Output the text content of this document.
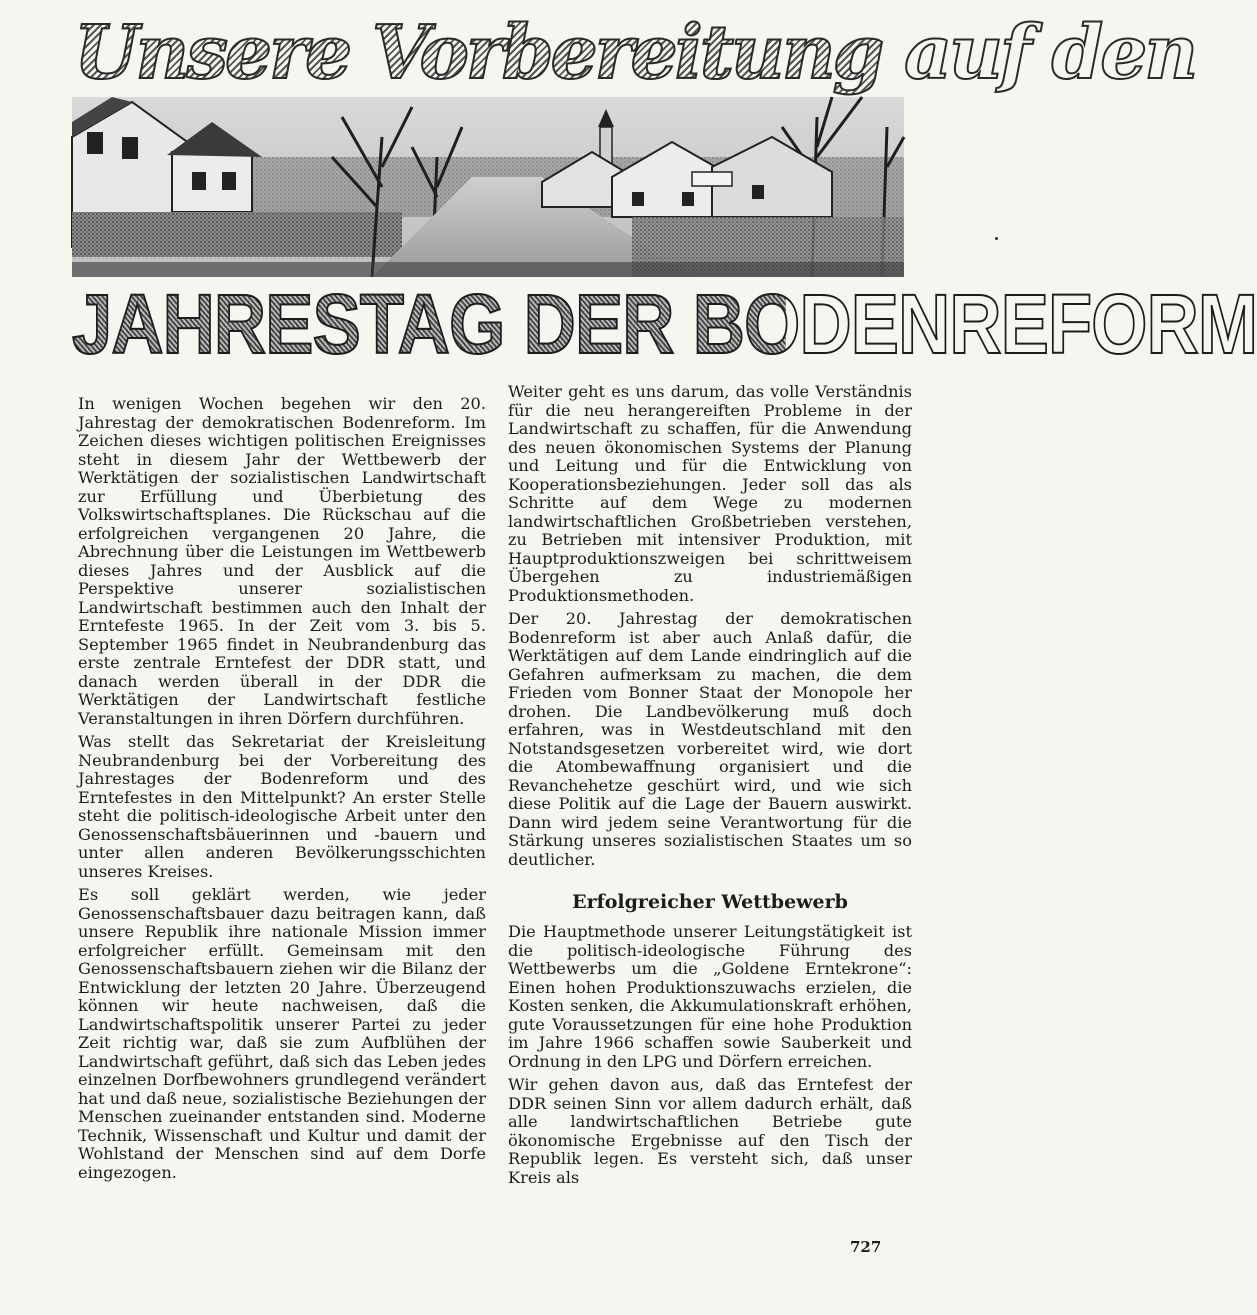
Unsere Vorbereitung auf den
JAHRESTAG DER BODENREFORM

In wenigen Wochen begehen wir den 20. Jahrestag der demokratischen Bodenreform. Im Zeichen dieses wichtigen politischen Ereignisses steht in diesem Jahr der Wettbewerb der Werktätigen der sozialistischen Landwirtschaft zur Erfüllung und Überbietung des Volkswirtschaftsplanes. Die Rückschau auf die erfolgreichen vergangenen 20 Jahre, die Abrechnung über die Leistungen im Wettbewerb dieses Jahres und der Ausblick auf die Perspektive unserer sozialistischen Landwirtschaft bestimmen auch den Inhalt der Erntefeste 1965. In der Zeit vom 3. bis 5. September 1965 findet in Neubrandenburg das erste zentrale Erntefest der DDR statt, und danach werden überall in der DDR die Werktätigen der Landwirtschaft festliche Veranstaltungen in ihren Dörfern durchführen.

Was stellt das Sekretariat der Kreisleitung Neubrandenburg bei der Vorbereitung des Jahrestages der Bodenreform und des Erntefestes in den Mittelpunkt? An erster Stelle steht die politisch-ideologische Arbeit unter den Genossenschaftsbäuerinnen und -bauern und unter allen anderen Bevölkerungsschichten unseres Kreises.

Es soll geklärt werden, wie jeder Genossenschaftsbauer dazu beitragen kann, daß unsere Republik ihre nationale Mission immer erfolgreicher erfüllt. Gemeinsam mit den Genossenschaftsbauern ziehen wir die Bilanz der Entwicklung der letzten 20 Jahre. Überzeugend können wir heute nachweisen, daß die Landwirtschaftspolitik unserer Partei zu jeder Zeit richtig war, daß sie zum Aufblühen der Landwirtschaft geführt, daß sich das Leben jedes einzelnen Dorfbewohners grundlegend verändert hat und daß neue, sozialistische Beziehungen der Menschen zueinander entstanden sind. Moderne Technik, Wissenschaft und Kultur und damit der Wohlstand der Menschen sind auf dem Dorfe eingezogen.

Weiter geht es uns darum, das volle Verständnis für die neu herangereiften Probleme in der Landwirtschaft zu schaffen, für die Anwendung des neuen ökonomischen Systems der Planung und Leitung und für die Entwicklung von Kooperationsbeziehungen. Jeder soll das als Schritte auf dem Wege zu modernen landwirtschaftlichen Großbetrieben verstehen, zu Betrieben mit intensiver Produktion, mit Hauptproduktionszweigen bei schrittweisem Übergehen zu industriemäßigen Produktionsmethoden.

Der 20. Jahrestag der demokratischen Bodenreform ist aber auch Anlaß dafür, die Werktätigen auf dem Lande eindringlich auf die Gefahren aufmerksam zu machen, die dem Frieden vom Bonner Staat der Monopole her drohen. Die Landbevölkerung muß doch erfahren, was in Westdeutschland mit den Notstandsgesetzen vorbereitet wird, wie dort die Atombewaffnung organisiert und die Revanchehetze geschürt wird, und wie sich diese Politik auf die Lage der Bauern auswirkt. Dann wird jedem seine Verantwortung für die Stärkung unseres sozialistischen Staates um so deutlicher.

Erfolgreicher Wettbewerb

Die Hauptmethode unserer Leitungstätigkeit ist die politisch-ideologische Führung des Wettbewerbs um die „Goldene Erntekrone“: Einen hohen Produktionszuwachs erzielen, die Kosten senken, die Akkumulationskraft erhöhen, gute Voraussetzungen für eine hohe Produktion im Jahre 1966 schaffen sowie Sauberkeit und Ordnung in den LPG und Dörfern erreichen.

Wir gehen davon aus, daß das Erntefest der DDR seinen Sinn vor allem dadurch erhält, daß alle landwirtschaftlichen Betriebe gute ökonomische Ergebnisse auf den Tisch der Republik legen. Es versteht sich, daß unser Kreis als

727
